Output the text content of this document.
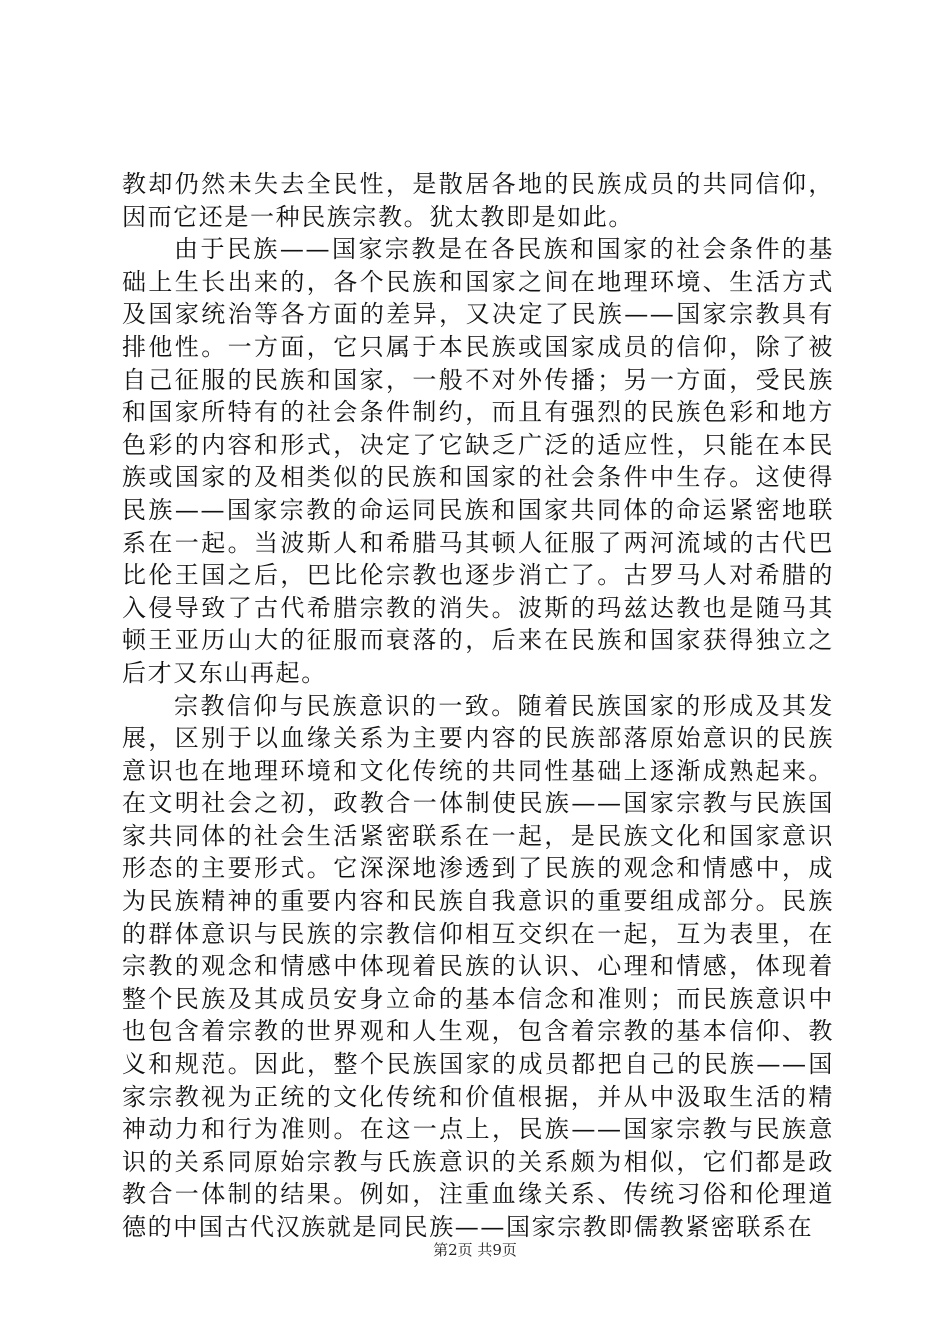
教却仍然未失去全民性，是散居各地的民族成员的共同信仰，因而它还是一种民族宗教。犹太教即是如此。

由于民族——国家宗教是在各民族和国家的社会条件的基础上生长出来的，各个民族和国家之间在地理环境、生活方式及国家统治等各方面的差异，又决定了民族——国家宗教具有排他性。一方面，它只属于本民族或国家成员的信仰，除了被自己征服的民族和国家，一般不对外传播；另一方面，受民族和国家所特有的社会条件制约，而且有强烈的民族色彩和地方色彩的内容和形式，决定了它缺乏广泛的适应性，只能在本民族或国家的及相类似的民族和国家的社会条件中生存。这使得民族——国家宗教的命运同民族和国家共同体的命运紧密地联系在一起。当波斯人和希腊马其顿人征服了两河流域的古代巴比伦王国之后，巴比伦宗教也逐步消亡了。古罗马人对希腊的入侵导致了古代希腊宗教的消失。波斯的玛兹达教也是随马其顿王亚历山大的征服而衰落的，后来在民族和国家获得独立之后才又东山再起。

宗教信仰与民族意识的一致。随着民族国家的形成及其发展，区别于以血缘关系为主要内容的民族部落原始意识的民族意识也在地理环境和文化传统的共同性基础上逐渐成熟起来。在文明社会之初，政教合一体制使民族——国家宗教与民族国家共同体的社会生活紧密联系在一起，是民族文化和国家意识形态的主要形式。它深深地渗透到了民族的观念和情感中，成为民族精神的重要内容和民族自我意识的重要组成部分。民族的群体意识与民族的宗教信仰相互交织在一起，互为表里，在宗教的观念和情感中体现着民族的认识、心理和情感，体现着整个民族及其成员安身立命的基本信念和准则；而民族意识中也包含着宗教的世界观和人生观，包含着宗教的基本信仰、教义和规范。因此，整个民族国家的成员都把自己的民族——国家宗教视为正统的文化传统和价值根据，并从中汲取生活的精神动力和行为准则。在这一点上，民族——国家宗教与民族意识的关系同原始宗教与氏族意识的关系颇为相似，它们都是政教合一体制的结果。例如，注重血缘关系、传统习俗和伦理道德的中国古代汉族就是同民族——国家宗教即儒教紧密联系在

第2页 共9页
